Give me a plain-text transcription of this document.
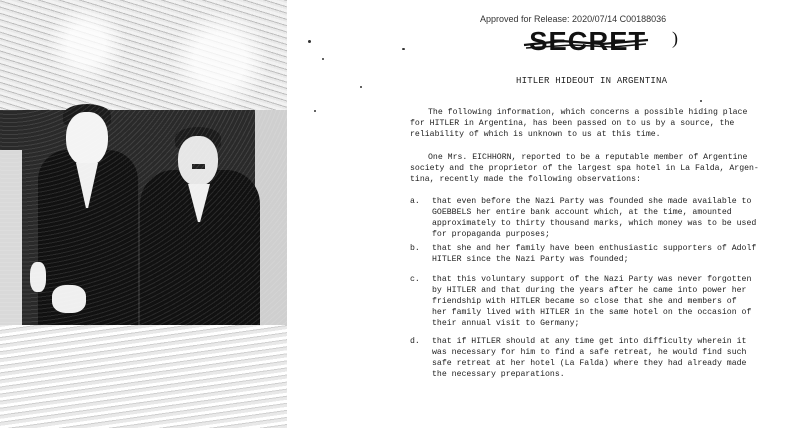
Approved for Release: 2020/07/14 C00188036
SECRET )
HITLER HIDEOUT IN ARGENTINA

The following information, which concerns a possible hiding place
for HITLER in Argentina, has been passed on to us by a source, the
reliability of which is unknown to us at this time.

One Mrs. EICHHORN, reported to be a reputable member of Argentine
society and the proprietor of the largest spa hotel in La Falda, Argen-
tina, recently made the following observations:

a. that even before the Nazi Party was founded she made available to
GOEBBELS her entire bank account which, at the time, amounted
approximately to thirty thousand marks, which money was to be used
for propaganda purposes;

b. that she and her family have been enthusiastic supporters of Adolf
HITLER since the Nazi Party was founded;

c. that this voluntary support of the Nazi Party was never forgotten
by HITLER and that during the years after he came into power her
friendship with HITLER became so close that she and members of
her family lived with HITLER in the same hotel on the occasion of
their annual visit to Germany;

d. that if HITLER should at any time get into difficulty wherein it
was necessary for him to find a safe retreat, he would find such
safe retreat at her hotel (La Falda) where they had already made
the necessary preparations.
